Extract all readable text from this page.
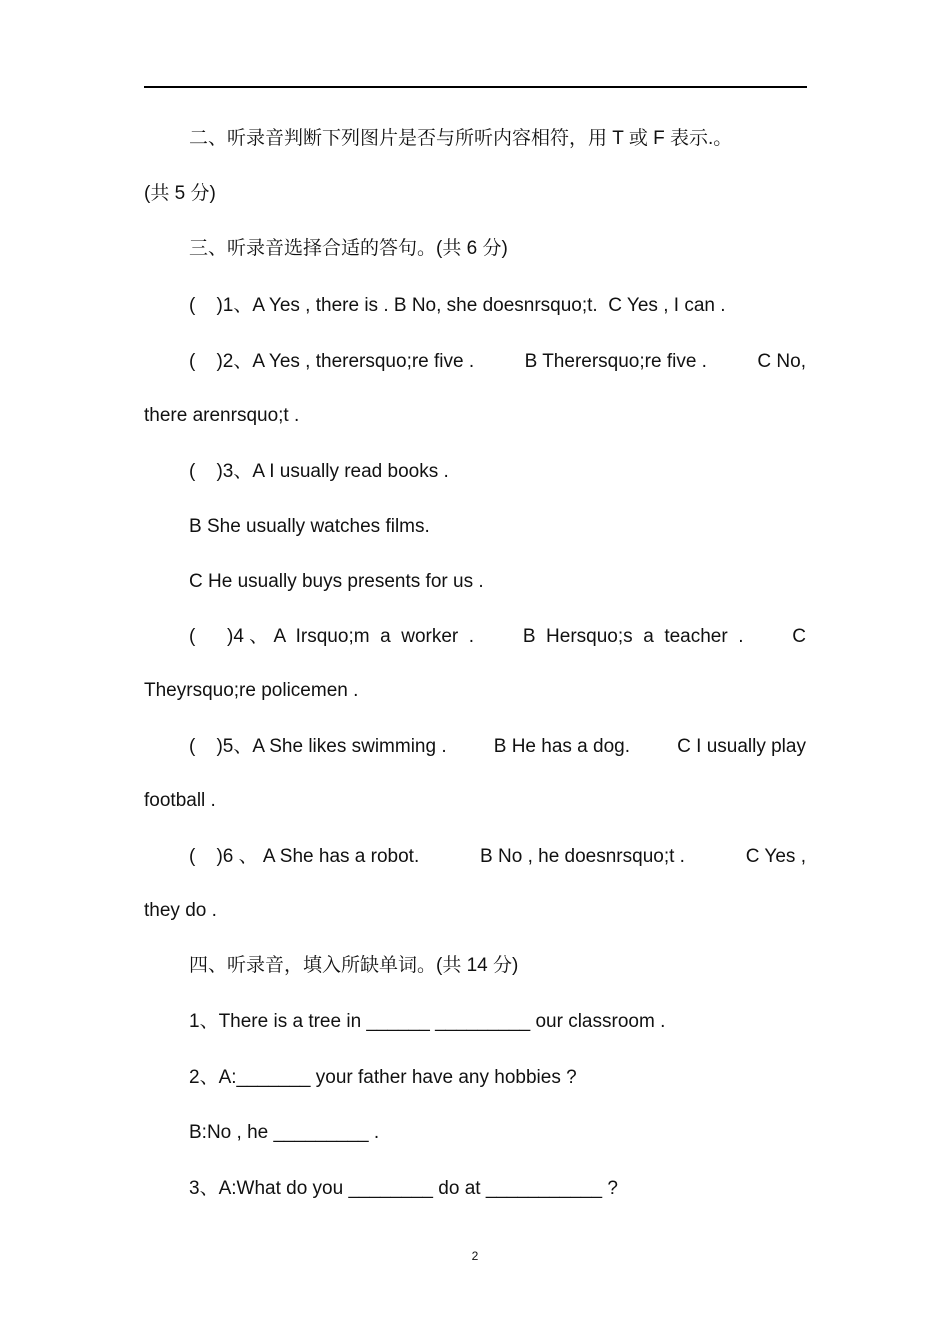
二、听录音判断下列图片是否与所听内容相符，用 T 或 F 表示.。
(共 5 分)
三、听录音选择合适的答句。(共 6 分)
(    )1、A Yes , there is . B No, she doesnrsquo;t.  C Yes , I can .
(    )2、A Yes , therersquo;re five .	B Therersquo;re five .	C No,
there arenrsquo;t .
(    )3、A I usually read books .
B She usually watches films.
C He usually buys presents for us .
(      )4 、 A  Irsquo;m  a  worker  .	B  Hersquo;s  a  teacher  .	C
Theyrsquo;re policemen .
(    )5、A She likes swimming . B He has a dog. C I usually play
football .
(    )6 、 A She has a robot.	B No , he doesnrsquo;t .	C Yes ,
they do .
四、听录音，填入所缺单词。(共 14 分)
1、There is a tree in ______ _________ our classroom .
2、A:_______ your father have any hobbies ?
B:No , he _________ .
3、A:What do you ________ do at ___________ ?
2
